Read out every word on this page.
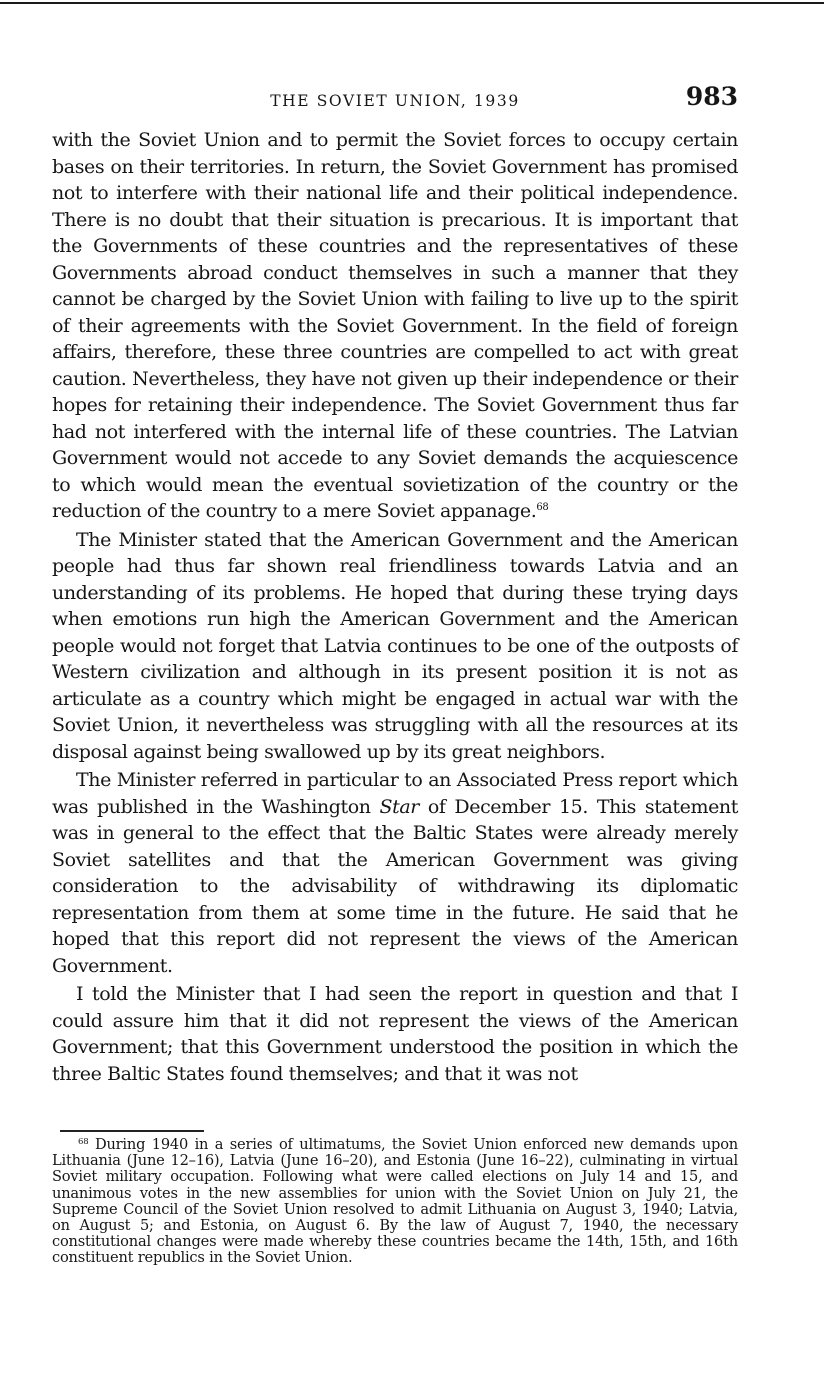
THE SOVIET UNION, 1939	983

with the Soviet Union and to permit the Soviet forces to occupy certain bases on their territories. In return, the Soviet Government has promised not to interfere with their national life and their political independence. There is no doubt that their situation is precarious. It is important that the Governments of these countries and the representatives of these Governments abroad conduct themselves in such a manner that they cannot be charged by the Soviet Union with failing to live up to the spirit of their agreements with the Soviet Government. In the field of foreign affairs, therefore, these three countries are compelled to act with great caution. Nevertheless, they have not given up their independence or their hopes for retaining their independence. The Soviet Government thus far had not interfered with the internal life of these countries. The Latvian Government would not accede to any Soviet demands the acquiescence to which would mean the eventual sovietization of the country or the reduction of the country to a mere Soviet appanage.$^{68}$

The Minister stated that the American Government and the American people had thus far shown real friendliness towards Latvia and an understanding of its problems. He hoped that during these trying days when emotions run high the American Government and the American people would not forget that Latvia continues to be one of the outposts of Western civilization and although in its present position it is not as articulate as a country which might be engaged in actual war with the Soviet Union, it nevertheless was struggling with all the resources at its disposal against being swallowed up by its great neighbors.

The Minister referred in particular to an Associated Press report which was published in the Washington Star of December 15. This statement was in general to the effect that the Baltic States were already merely Soviet satellites and that the American Government was giving consideration to the advisability of withdrawing its diplomatic representation from them at some time in the future. He said that he hoped that this report did not represent the views of the American Government.

I told the Minister that I had seen the report in question and that I could assure him that it did not represent the views of the American Government; that this Government understood the position in which the three Baltic States found themselves; and that it was not

$^{68}$ During 1940 in a series of ultimatums, the Soviet Union enforced new demands upon Lithuania (June 12–16), Latvia (June 16–20), and Estonia (June 16–22), culminating in virtual Soviet military occupation. Following what were called elections on July 14 and 15, and unanimous votes in the new assemblies for union with the Soviet Union on July 21, the Supreme Council of the Soviet Union resolved to admit Lithuania on August 3, 1940; Latvia, on August 5; and Estonia, on August 6. By the law of August 7, 1940, the necessary constitutional changes were made whereby these countries became the 14th, 15th, and 16th constituent republics in the Soviet Union.
